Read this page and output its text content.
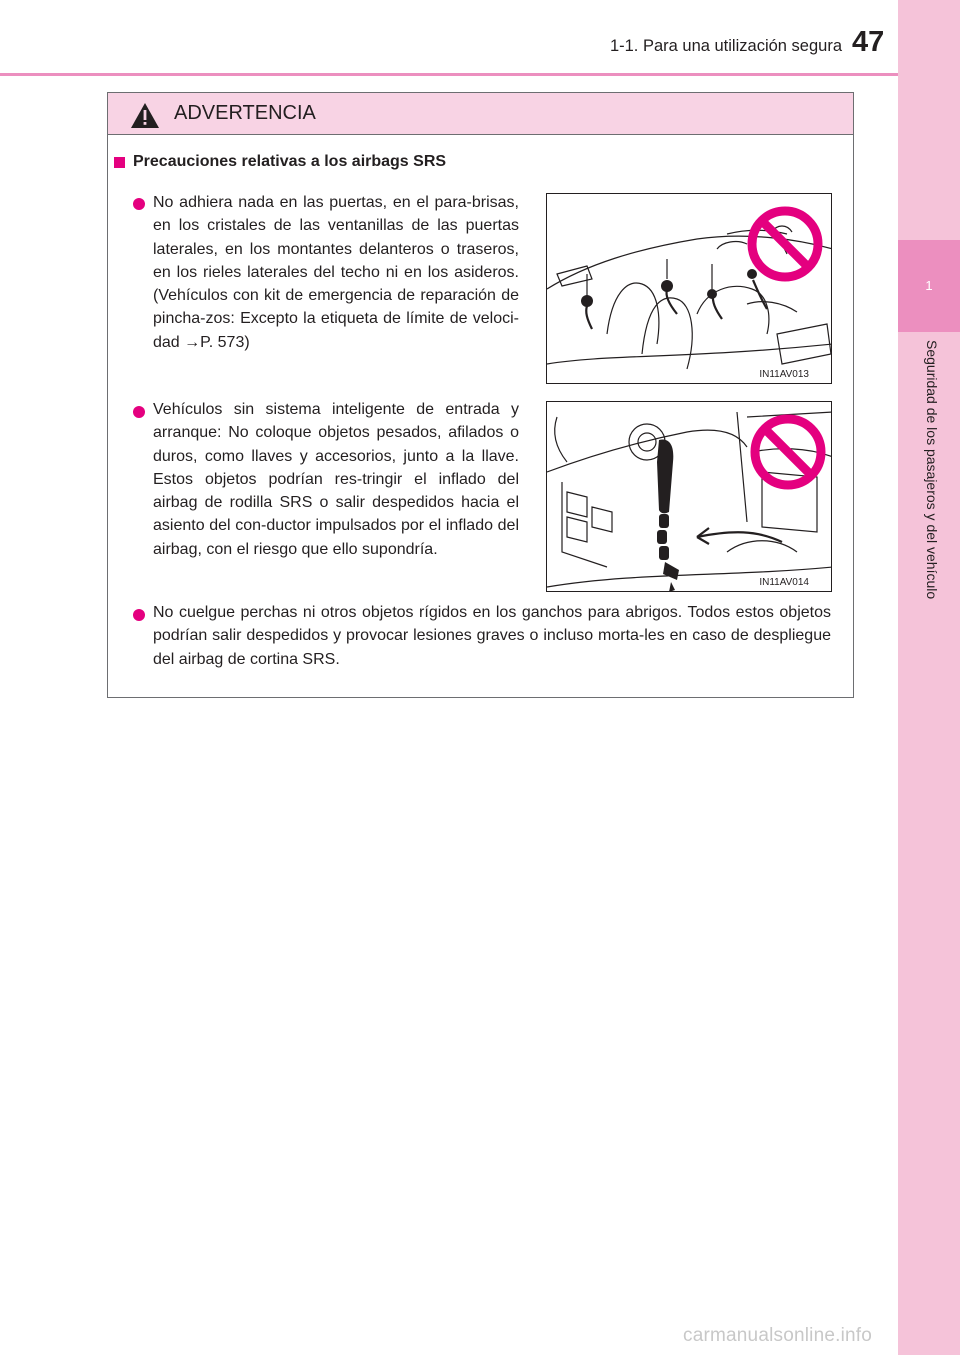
1
Seguridad de los pasajeros y del vehículo
1-1. Para una utilización segura 47
ADVERTENCIA
Precauciones relativas a los airbags SRS

No adhiera nada en las puertas, en el para-brisas, en los cristales de las ventanillas de las puertas laterales, en los montantes delanteros o traseros, en los rieles laterales del techo ni en los asideros. (Vehículos con kit de emergencia de reparación de pincha-zos: Excepto la etiqueta de límite de veloci-dad →P. 573)

IN11AV013

Vehículos sin sistema inteligente de entrada y arranque: No coloque objetos pesados, afilados o duros, como llaves y accesorios, junto a la llave. Estos objetos podrían res-tringir el inflado del airbag de rodilla SRS o salir despedidos hacia el asiento del con-ductor impulsados por el inflado del airbag, con el riesgo que ello supondría.

IN11AV014

No cuelgue perchas ni otros objetos rígidos en los ganchos para abrigos. Todos estos objetos podrían salir despedidos y provocar lesiones graves o incluso morta-les en caso de despliegue del airbag de cortina SRS.

carmanualsonline.info
